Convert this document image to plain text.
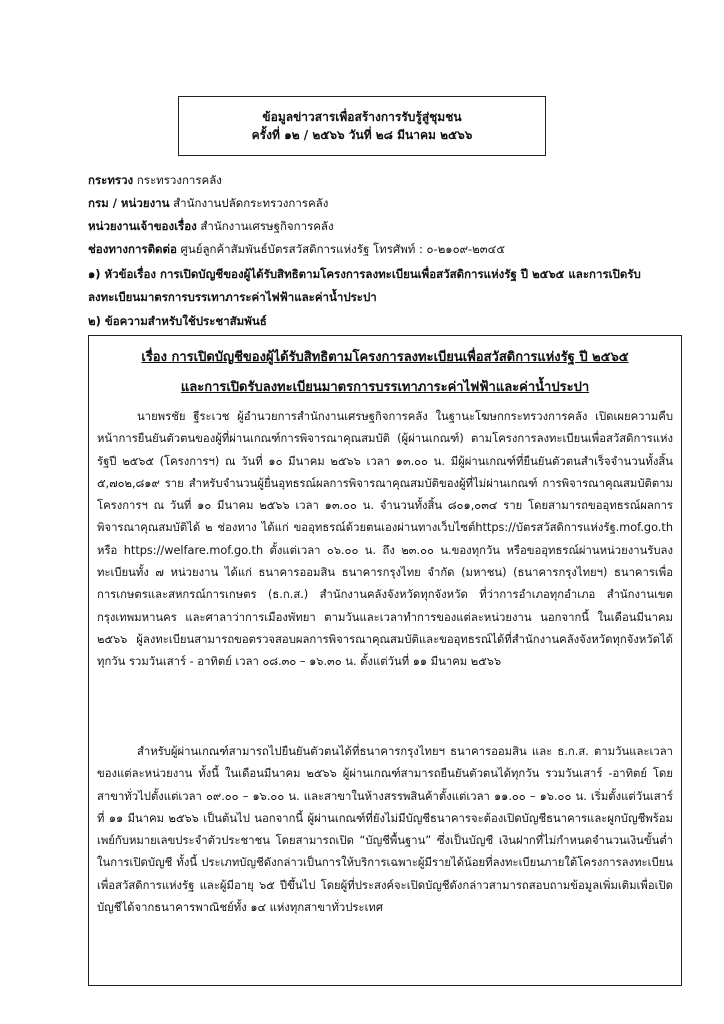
ข้อมูลข่าวสารเพื่อสร้างการรับรู้สู่ชุมชน
ครั้งที่ ๑๒ / ๒๕๖๖ วันที่ ๒๘ มีนาคม ๒๕๖๖
กระทรวง กระทรวงการคลัง
กรม / หน่วยงาน สำนักงานปลัดกระทรวงการคลัง
หน่วยงานเจ้าของเรื่อง สำนักงานเศรษฐกิจการคลัง
ช่องทางการติดต่อ ศูนย์ลูกค้าสัมพันธ์บัตรสวัสดิการแห่งรัฐ โทรศัพท์ : ๐-๒๑๐๙-๒๓๔๕
๑) หัวข้อเรื่อง การเปิดบัญชีของผู้ได้รับสิทธิตามโครงการลงทะเบียนเพื่อสวัสดิการแห่งรัฐ ปี ๒๕๖๕ และการเปิดรับ
ลงทะเบียนมาตรการบรรเทาภาระค่าไฟฟ้าและค่าน้ำประปา
๒) ข้อความสำหรับใช้ประชาสัมพันธ์
เรื่อง การเปิดบัญชีของผู้ได้รับสิทธิตามโครงการลงทะเบียนเพื่อสวัสดิการแห่งรัฐ ปี ๒๕๖๕
และการเปิดรับลงทะเบียนมาตรการบรรเทาภาระค่าไฟฟ้าและค่าน้ำประปา
นายพรชัย ฐีระเวช ผู้อำนวยการสำนักงานเศรษฐกิจการคลัง ในฐานะโฆษกกระทรวงการคลัง เปิดเผยความคืบหน้าการยืนยันตัวตนของผู้ที่ผ่านเกณฑ์การพิจารณาคุณสมบัติ (ผู้ผ่านเกณฑ์) ตามโครงการลงทะเบียนเพื่อสวัสดิการแห่งรัฐปี ๒๕๖๕ (โครงการฯ) ณ วันที่ ๑๐ มีนาคม ๒๕๖๖ เวลา ๑๓.๐๐ น. มีผู้ผ่านเกณฑ์ที่ยืนยันตัวตนสำเร็จจำนวนทั้งสิ้น ๕,๗๐๒,๘๑๙ ราย สำหรับจำนวนผู้ยื่นอุทธรณ์ผลการพิจารณาคุณสมบัติของผู้ที่ไม่ผ่านเกณฑ์ การพิจารณาคุณสมบัติตามโครงการฯ ณ วันที่ ๑๐ มีนาคม ๒๕๖๖ เวลา ๑๓.๐๐ น. จำนวนทั้งสิ้น ๘๐๑,๐๓๔ ราย โดยสามารถขออุทธรณ์ผลการพิจารณาคุณสมบัติได้ ๒ ช่องทาง ได้แก่ ขออุทธรณ์ด้วยตนเองผ่านทางเว็บไซต์https://บัตรสวัสดิการแห่งรัฐ.mof.go.th หรือ https://welfare.mof.go.th ตั้งแต่เวลา ๐๖.๐๐ น. ถึง ๒๓.๐๐ น.ของทุกวัน หรือขออุทธรณ์ผ่านหน่วยงานรับลงทะเบียนทั้ง ๗ หน่วยงาน ได้แก่ ธนาคารออมสิน ธนาคารกรุงไทย จำกัด (มหาชน) (ธนาคารกรุงไทยฯ) ธนาคารเพื่อการเกษตรและสหกรณ์การเกษตร (ธ.ก.ส.) สำนักงานคลังจังหวัดทุกจังหวัด ที่ว่าการอำเภอทุกอำเภอ สำนักงานเขตกรุงเทพมหานคร และศาลาว่าการเมืองพัทยา ตามวันและเวลาทำการของแต่ละหน่วยงาน นอกจากนี้ ในเดือนมีนาคม ๒๕๖๖ ผู้ลงทะเบียนสามารถขอตรวจสอบผลการพิจารณาคุณสมบัติและขออุทธรณ์ได้ที่สำนักงานคลังจังหวัดทุกจังหวัดได้ทุกวัน รวมวันเสาร์ - อาทิตย์ เวลา ๐๘.๓๐ – ๑๖.๓๐ น. ตั้งแต่วันที่ ๑๑ มีนาคม ๒๕๖๖
สำหรับผู้ผ่านเกณฑ์สามารถไปยืนยันตัวตนได้ที่ธนาคารกรุงไทยฯ ธนาคารออมสิน และ ธ.ก.ส. ตามวันและเวลาของแต่ละหน่วยงาน ทั้งนี้ ในเดือนมีนาคม ๒๕๖๖ ผู้ผ่านเกณฑ์สามารถยืนยันตัวตนได้ทุกวัน รวมวันเสาร์ -อาทิตย์ โดยสาขาทั่วไปตั้งแต่เวลา ๐๙.๐๐ – ๑๖.๐๐ น. และสาขาในห้างสรรพสินค้าตั้งแต่เวลา ๑๑.๐๐ – ๑๖.๐๐ น. เริ่มตั้งแต่วันเสาร์ที่ ๑๑ มีนาคม ๒๕๖๖ เป็นต้นไป นอกจากนี้ ผู้ผ่านเกณฑ์ที่ยังไม่มีบัญชีธนาคารจะต้องเปิดบัญชีธนาคารและผูกบัญชีพร้อมเพย์กับหมายเลขประจำตัวประชาชน โดยสามารถเปิด “บัญชีพื้นฐาน” ซึ่งเป็นบัญชี เงินฝากที่ไม่กำหนดจำนวนเงินขั้นต่ำในการเปิดบัญชี ทั้งนี้ ประเภทบัญชีดังกล่าวเป็นการให้บริการเฉพาะผู้มีรายได้น้อยที่ลงทะเบียนภายใต้โครงการลงทะเบียนเพื่อสวัสดิการแห่งรัฐ และผู้มีอายุ ๖๕ ปีขึ้นไป โดยผู้ที่ประสงค์จะเปิดบัญชีดังกล่าวสามารถสอบถามข้อมูลเพิ่มเติมเพื่อเปิดบัญชีได้จากธนาคารพาณิชย์ทั้ง ๑๔ แห่งทุกสาขาทั่วประเทศ
